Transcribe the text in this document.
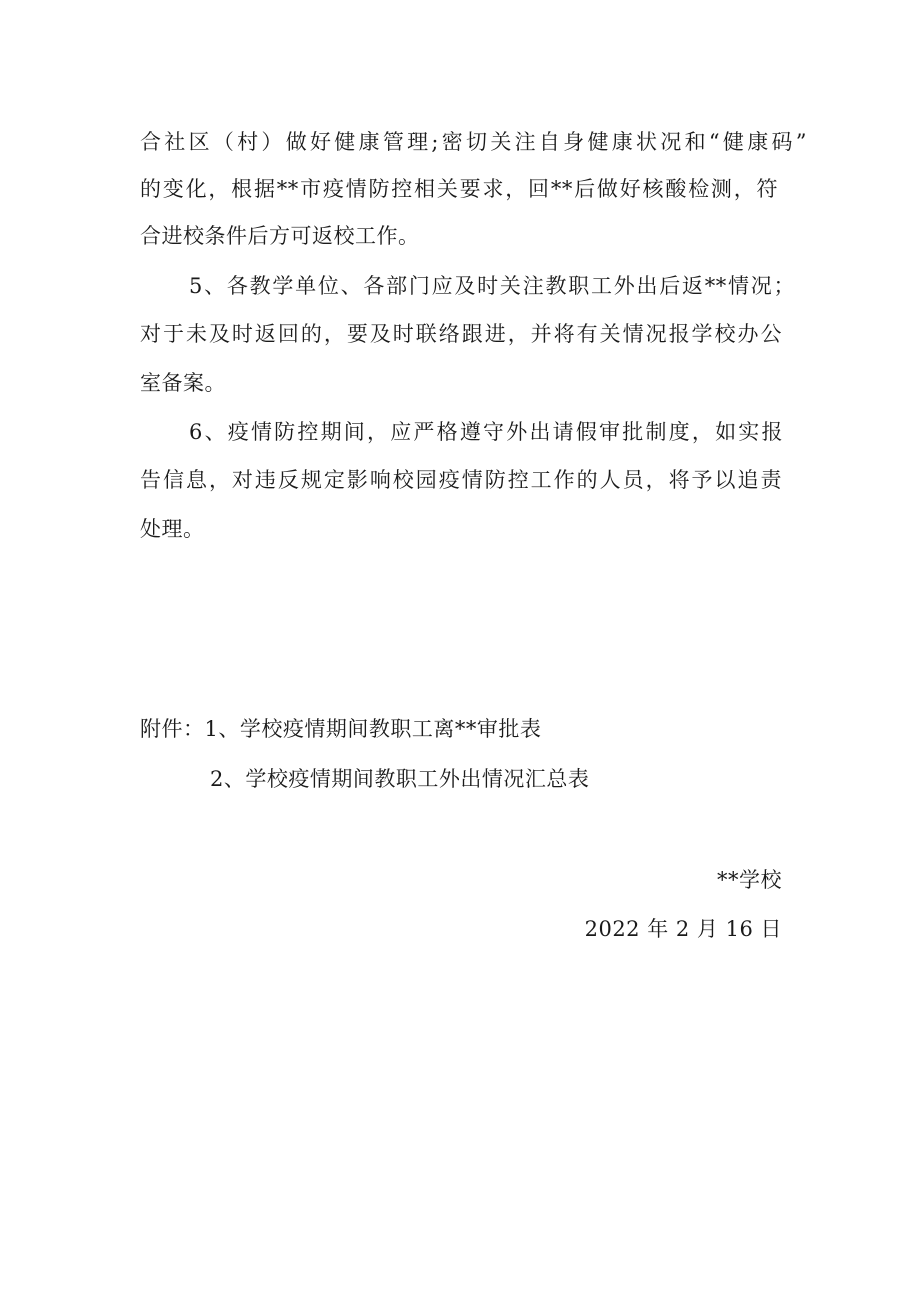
合社区（村）做好健康管理;密切关注自身健康状况和“健康码”
的变化，根据**市疫情防控相关要求，回**后做好核酸检测，符
合进校条件后方可返校工作。
5、各教学单位、各部门应及时关注教职工外出后返**情况；
对于未及时返回的，要及时联络跟进，并将有关情况报学校办公
室备案。
6、疫情防控期间，应严格遵守外出请假审批制度，如实报
告信息，对违反规定影响校园疫情防控工作的人员，将予以追责
处理。
附件：1、学校疫情期间教职工离**审批表
2、学校疫情期间教职工外出情况汇总表
**学校
2022 年 2 月 16 日
